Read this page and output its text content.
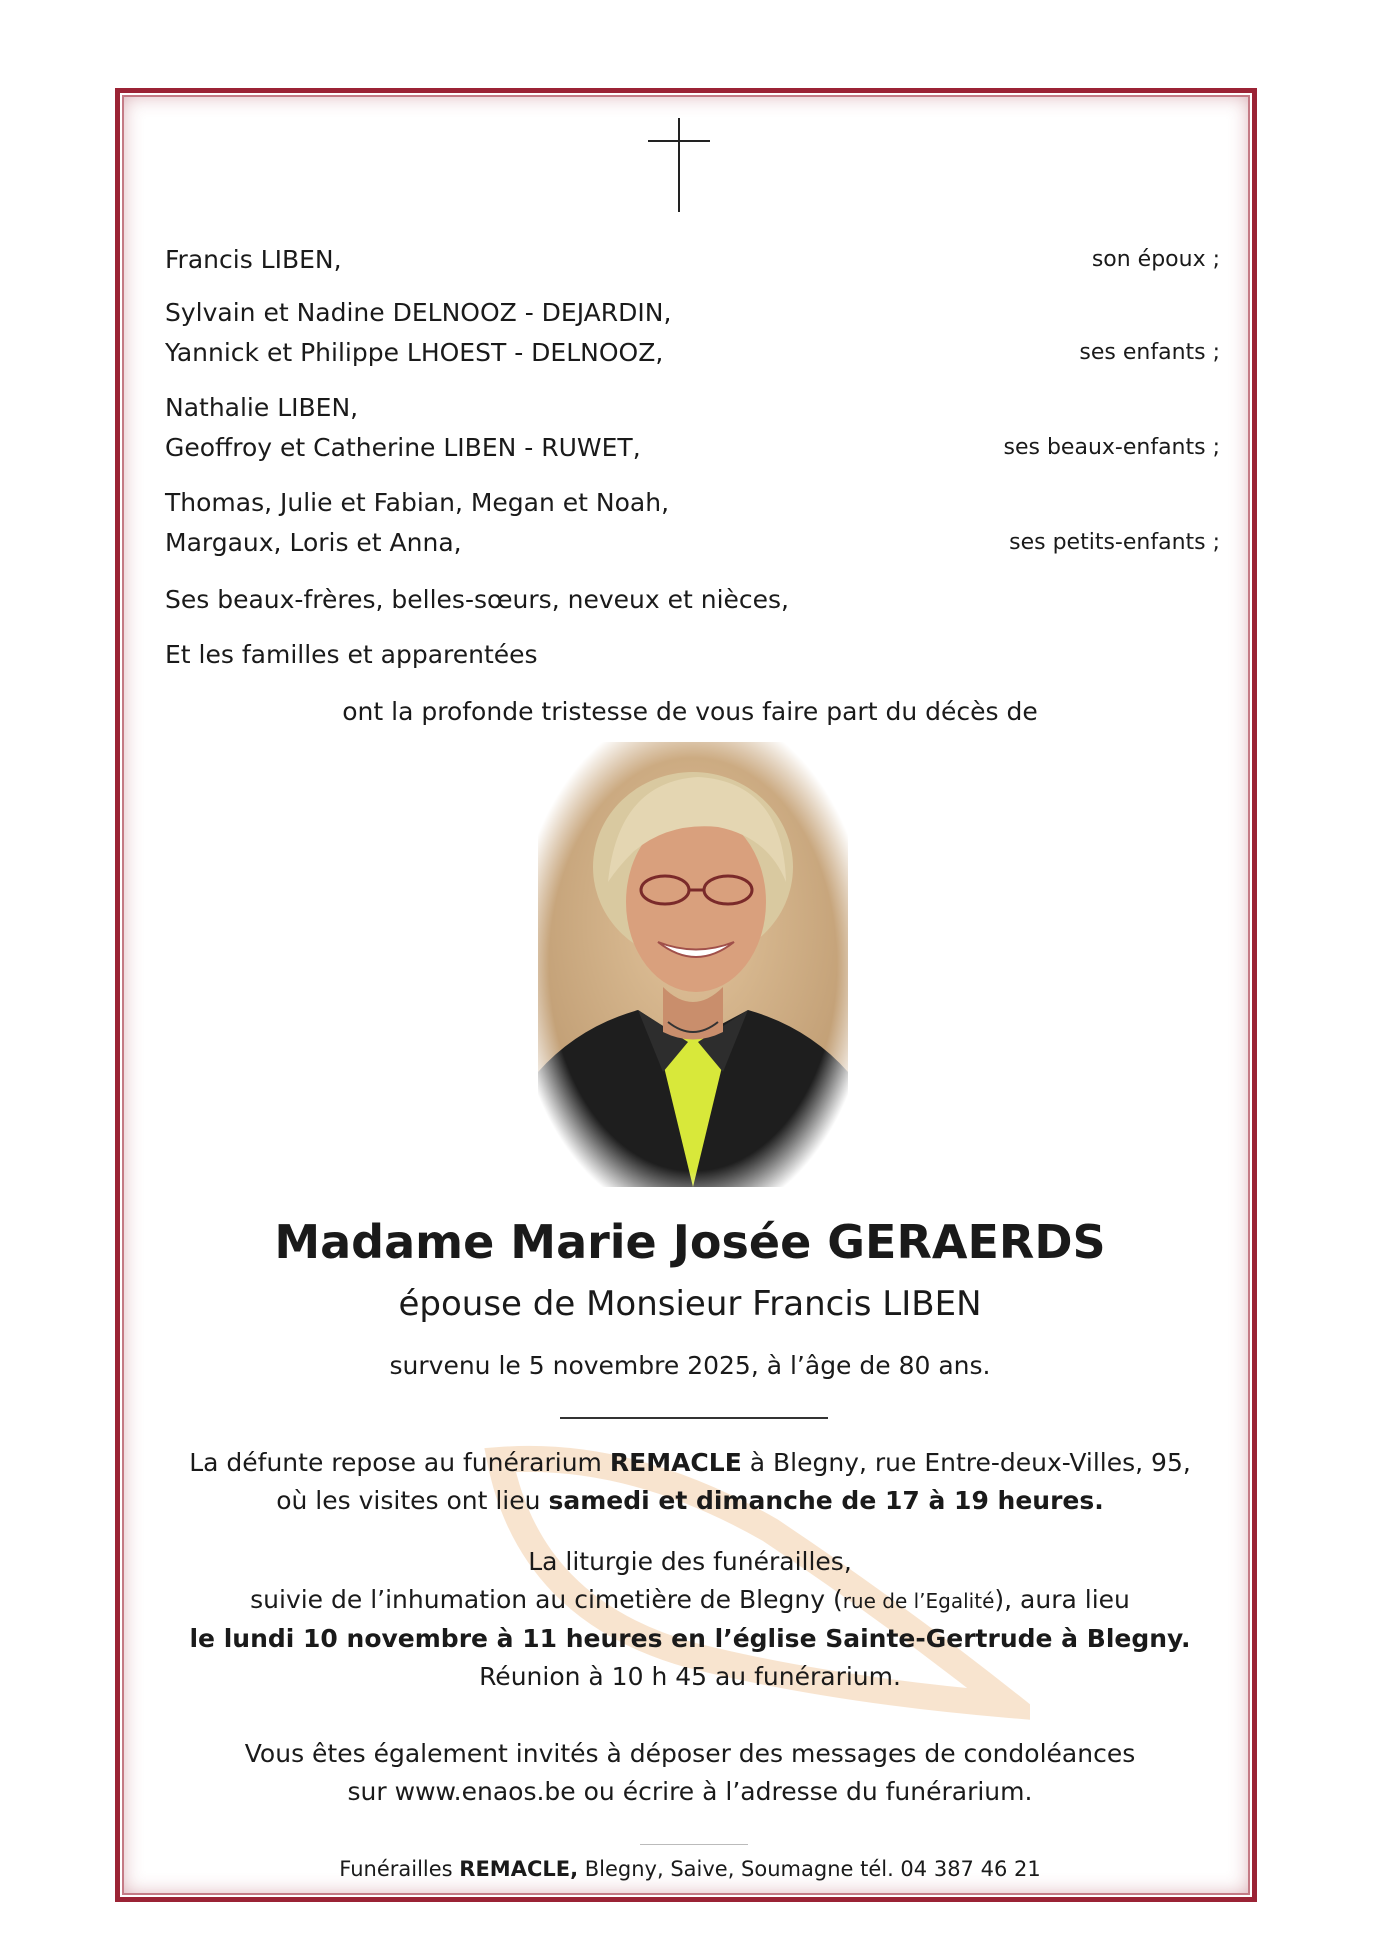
Francis LIBEN,	son époux ;
Sylvain et Nadine DELNOOZ - DEJARDIN,
Yannick et Philippe LHOEST - DELNOOZ,	ses enfants ;
Nathalie LIBEN,
Geoffroy et Catherine LIBEN - RUWET,	ses beaux-enfants ;
Thomas, Julie et Fabian, Megan et Noah,
Margaux, Loris et Anna,	ses petits-enfants ;
Ses beaux-frères, belles-sœurs, neveux et nièces,
Et les familles et apparentées
ont la profonde tristesse de vous faire part du décès de
Madame Marie Josée GERAERDS
épouse de Monsieur Francis LIBEN
survenu le 5 novembre 2025, à l’âge de 80 ans.
La défunte repose au funérarium REMACLE à Blegny, rue Entre-deux-Villes, 95,
où les visites ont lieu samedi et dimanche de 17 à 19 heures.
La liturgie des funérailles,
suivie de l’inhumation au cimetière de Blegny (rue de l’Egalité), aura lieu
le lundi 10 novembre à 11 heures en l’église Sainte-Gertrude à Blegny.
Réunion à 10 h 45 au funérarium.
Vous êtes également invités à déposer des messages de condoléances
sur www.enaos.be ou écrire à l’adresse du funérarium.
Funérailles REMACLE, Blegny, Saive, Soumagne tél. 04 387 46 21
